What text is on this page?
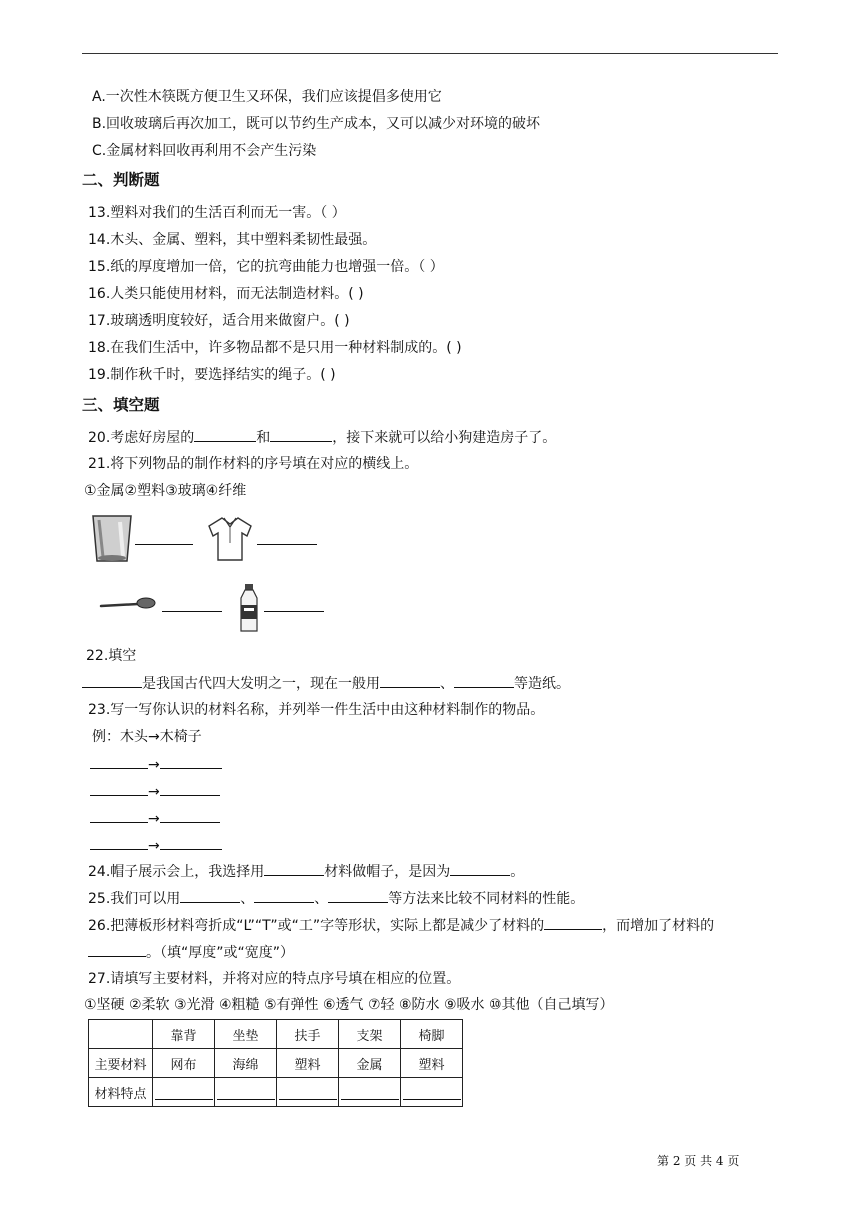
A.一次性木筷既方便卫生又环保，我们应该提倡多使用它
B.回收玻璃后再次加工，既可以节约生产成本，又可以减少对环境的破坏
C.金属材料回收再利用不会产生污染
二、判断题
13.塑料对我们的生活百利而无一害。（ ）
14.木头、金属、塑料，其中塑料柔韧性最强。
15.纸的厚度增加一倍，它的抗弯曲能力也增强一倍。（ ）
16.人类只能使用材料，而无法制造材料。( )
17.玻璃透明度较好，适合用来做窗户。( )
18.在我们生活中，许多物品都不是只用一种材料制成的。( )
19.制作秋千时，要选择结实的绳子。( )
三、填空题
20.考虑好房屋的	和	，接下来就可以给小狗建造房子了。
21.将下列物品的制作材料的序号填在对应的横线上。
①金属②塑料③玻璃④纤维
22.填空
是我国古代四大发明之一，现在一般用	、	等造纸。
23.写一写你认识的材料名称，并列举一件生活中由这种材料制作的物品。
例：木头→木椅子
→
→
→
→
24.帽子展示会上，我选择用	材料做帽子，是因为	。
25.我们可以用	、	、	等方法来比较不同材料的性能。
26.把薄板形材料弯折成“L”“T”或“工”字等形状，实际上都是减少了材料的	，而增加了材料的
。（填“厚度”或“宽度”）
27.请填写主要材料，并将对应的特点序号填在相应的位置。
①坚硬 ②柔软 ③光滑 ④粗糙 ⑤有弹性 ⑥透气 ⑦轻 ⑧防水 ⑨吸水 ⑩其他（自己填写）
	靠背	坐垫	扶手	支架	椅脚
主要材料	网布	海绵	塑料	金属	塑料
材料特点					
第 2 页 共 4 页
